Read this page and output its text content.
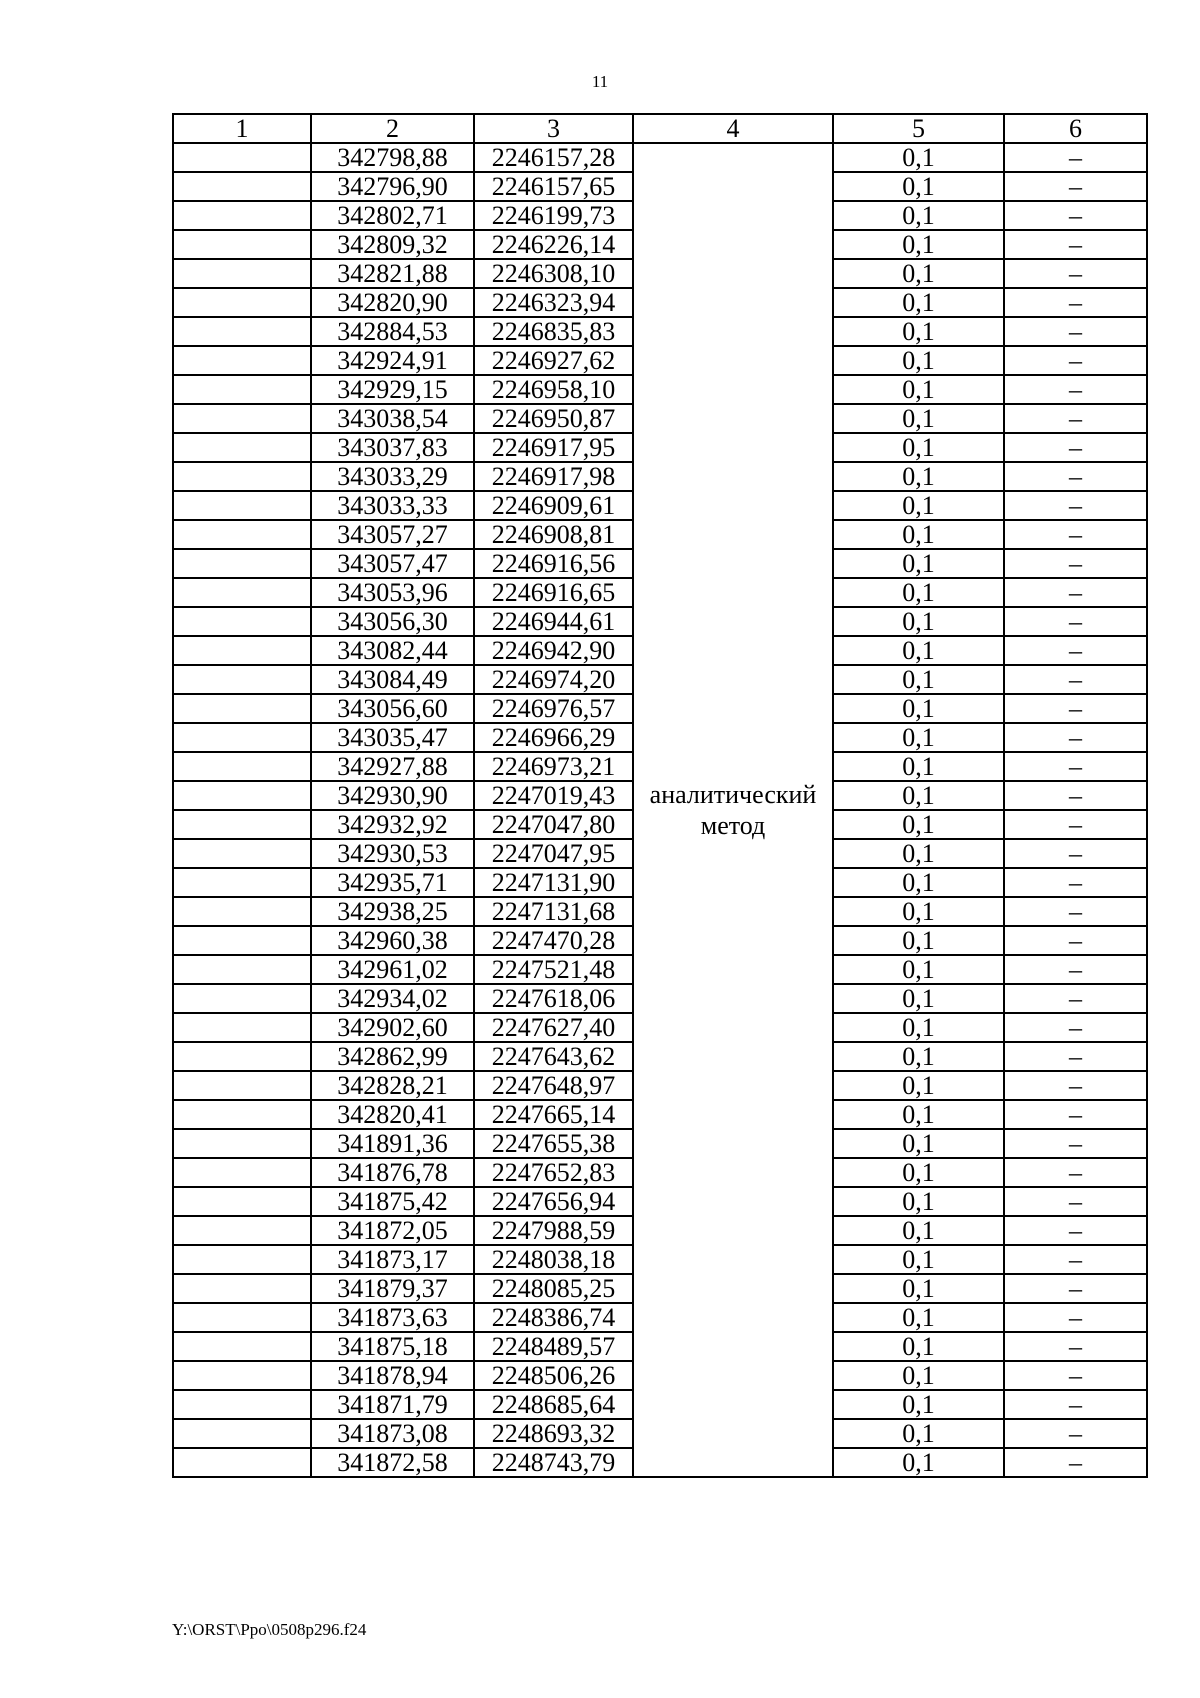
11
1	2	3	4	5	6
	342798,88	2246157,28	аналитический метод	0,1	–
	342796,90	2246157,65		0,1	–
	342802,71	2246199,73		0,1	–
	342809,32	2246226,14		0,1	–
	342821,88	2246308,10		0,1	–
	342820,90	2246323,94		0,1	–
	342884,53	2246835,83		0,1	–
	342924,91	2246927,62		0,1	–
	342929,15	2246958,10		0,1	–
	343038,54	2246950,87		0,1	–
	343037,83	2246917,95		0,1	–
	343033,29	2246917,98		0,1	–
	343033,33	2246909,61		0,1	–
	343057,27	2246908,81		0,1	–
	343057,47	2246916,56		0,1	–
	343053,96	2246916,65		0,1	–
	343056,30	2246944,61		0,1	–
	343082,44	2246942,90		0,1	–
	343084,49	2246974,20		0,1	–
	343056,60	2246976,57		0,1	–
	343035,47	2246966,29		0,1	–
	342927,88	2246973,21		0,1	–
	342930,90	2247019,43		0,1	–
	342932,92	2247047,80		0,1	–
	342930,53	2247047,95		0,1	–
	342935,71	2247131,90		0,1	–
	342938,25	2247131,68		0,1	–
	342960,38	2247470,28		0,1	–
	342961,02	2247521,48		0,1	–
	342934,02	2247618,06		0,1	–
	342902,60	2247627,40		0,1	–
	342862,99	2247643,62		0,1	–
	342828,21	2247648,97		0,1	–
	342820,41	2247665,14		0,1	–
	341891,36	2247655,38		0,1	–
	341876,78	2247652,83		0,1	–
	341875,42	2247656,94		0,1	–
	341872,05	2247988,59		0,1	–
	341873,17	2248038,18		0,1	–
	341879,37	2248085,25		0,1	–
	341873,63	2248386,74		0,1	–
	341875,18	2248489,57		0,1	–
	341878,94	2248506,26		0,1	–
	341871,79	2248685,64		0,1	–
	341873,08	2248693,32		0,1	–
	341872,58	2248743,79		0,1	–
Y:\ORST\Ppo\0508p296.f24
